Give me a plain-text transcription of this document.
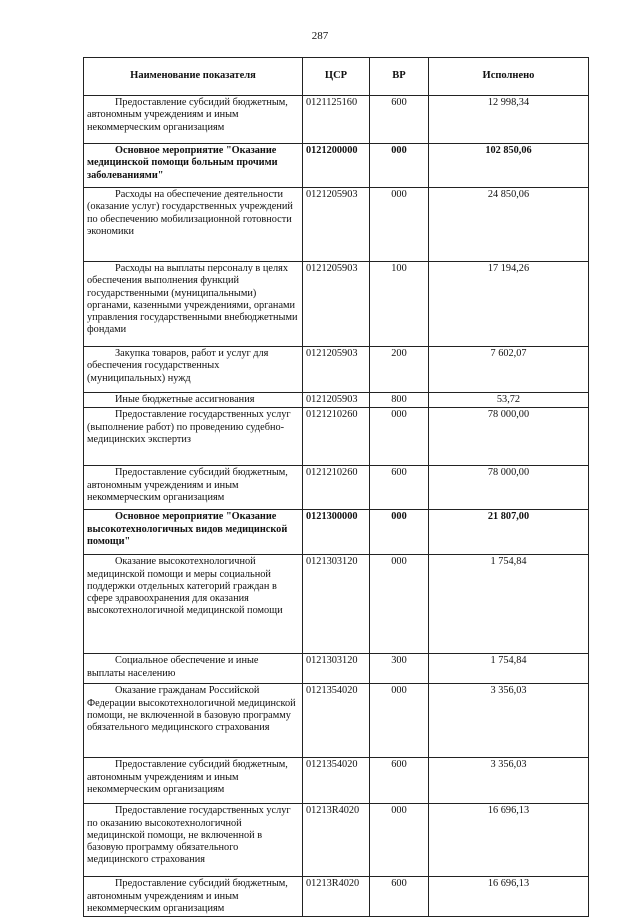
287
Наименование показателя	ЦСР	ВР	Исполнено
Предоставление субсидий бюджетным, автономным учреждениям и иным некоммерческим организациям	0121125160	600	12 998,34
Основное мероприятие "Оказание медицинской помощи больным прочими заболеваниями"	0121200000	000	102 850,06
Расходы на обеспечение деятельности (оказание услуг) государственных учреждений по обеспечению мобилизационной готовности экономики	0121205903	000	24 850,06
Расходы на выплаты персоналу в целях обеспечения выполнения функций государственными (муниципальными) органами, казенными учреждениями, органами управления государственными внебюджетными фондами	0121205903	100	17 194,26
Закупка товаров, работ и услуг для обеспечения государственных (муниципальных) нужд	0121205903	200	7 602,07
Иные бюджетные ассигнования	0121205903	800	53,72
Предоставление государственных услуг (выполнение работ) по проведению судебно-медицинских экспертиз	0121210260	000	78 000,00
Предоставление субсидий бюджетным, автономным учреждениям и иным некоммерческим организациям	0121210260	600	78 000,00
Основное мероприятие "Оказание высокотехнологичных видов медицинской помощи"	0121300000	000	21 807,00
Оказание высокотехнологичной медицинской помощи и меры социальной поддержки отдельных категорий граждан в сфере здравоохранения для оказания высокотехнологичной медицинской помощи	0121303120	000	1 754,84
Социальное обеспечение и иные выплаты населению	0121303120	300	1 754,84
Оказание гражданам Российской Федерации высокотехнологичной медицинской помощи, не включенной в базовую программу обязательного медицинского страхования	0121354020	000	3 356,03
Предоставление субсидий бюджетным, автономным учреждениям и иным некоммерческим организациям	0121354020	600	3 356,03
Предоставление государственных услуг по оказанию высокотехнологичной медицинской помощи, не включенной в базовую программу обязательного медицинского страхования	01213R4020	000	16 696,13
Предоставление субсидий бюджетным, автономным учреждениям и иным некоммерческим организациям	01213R4020	600	16 696,13
